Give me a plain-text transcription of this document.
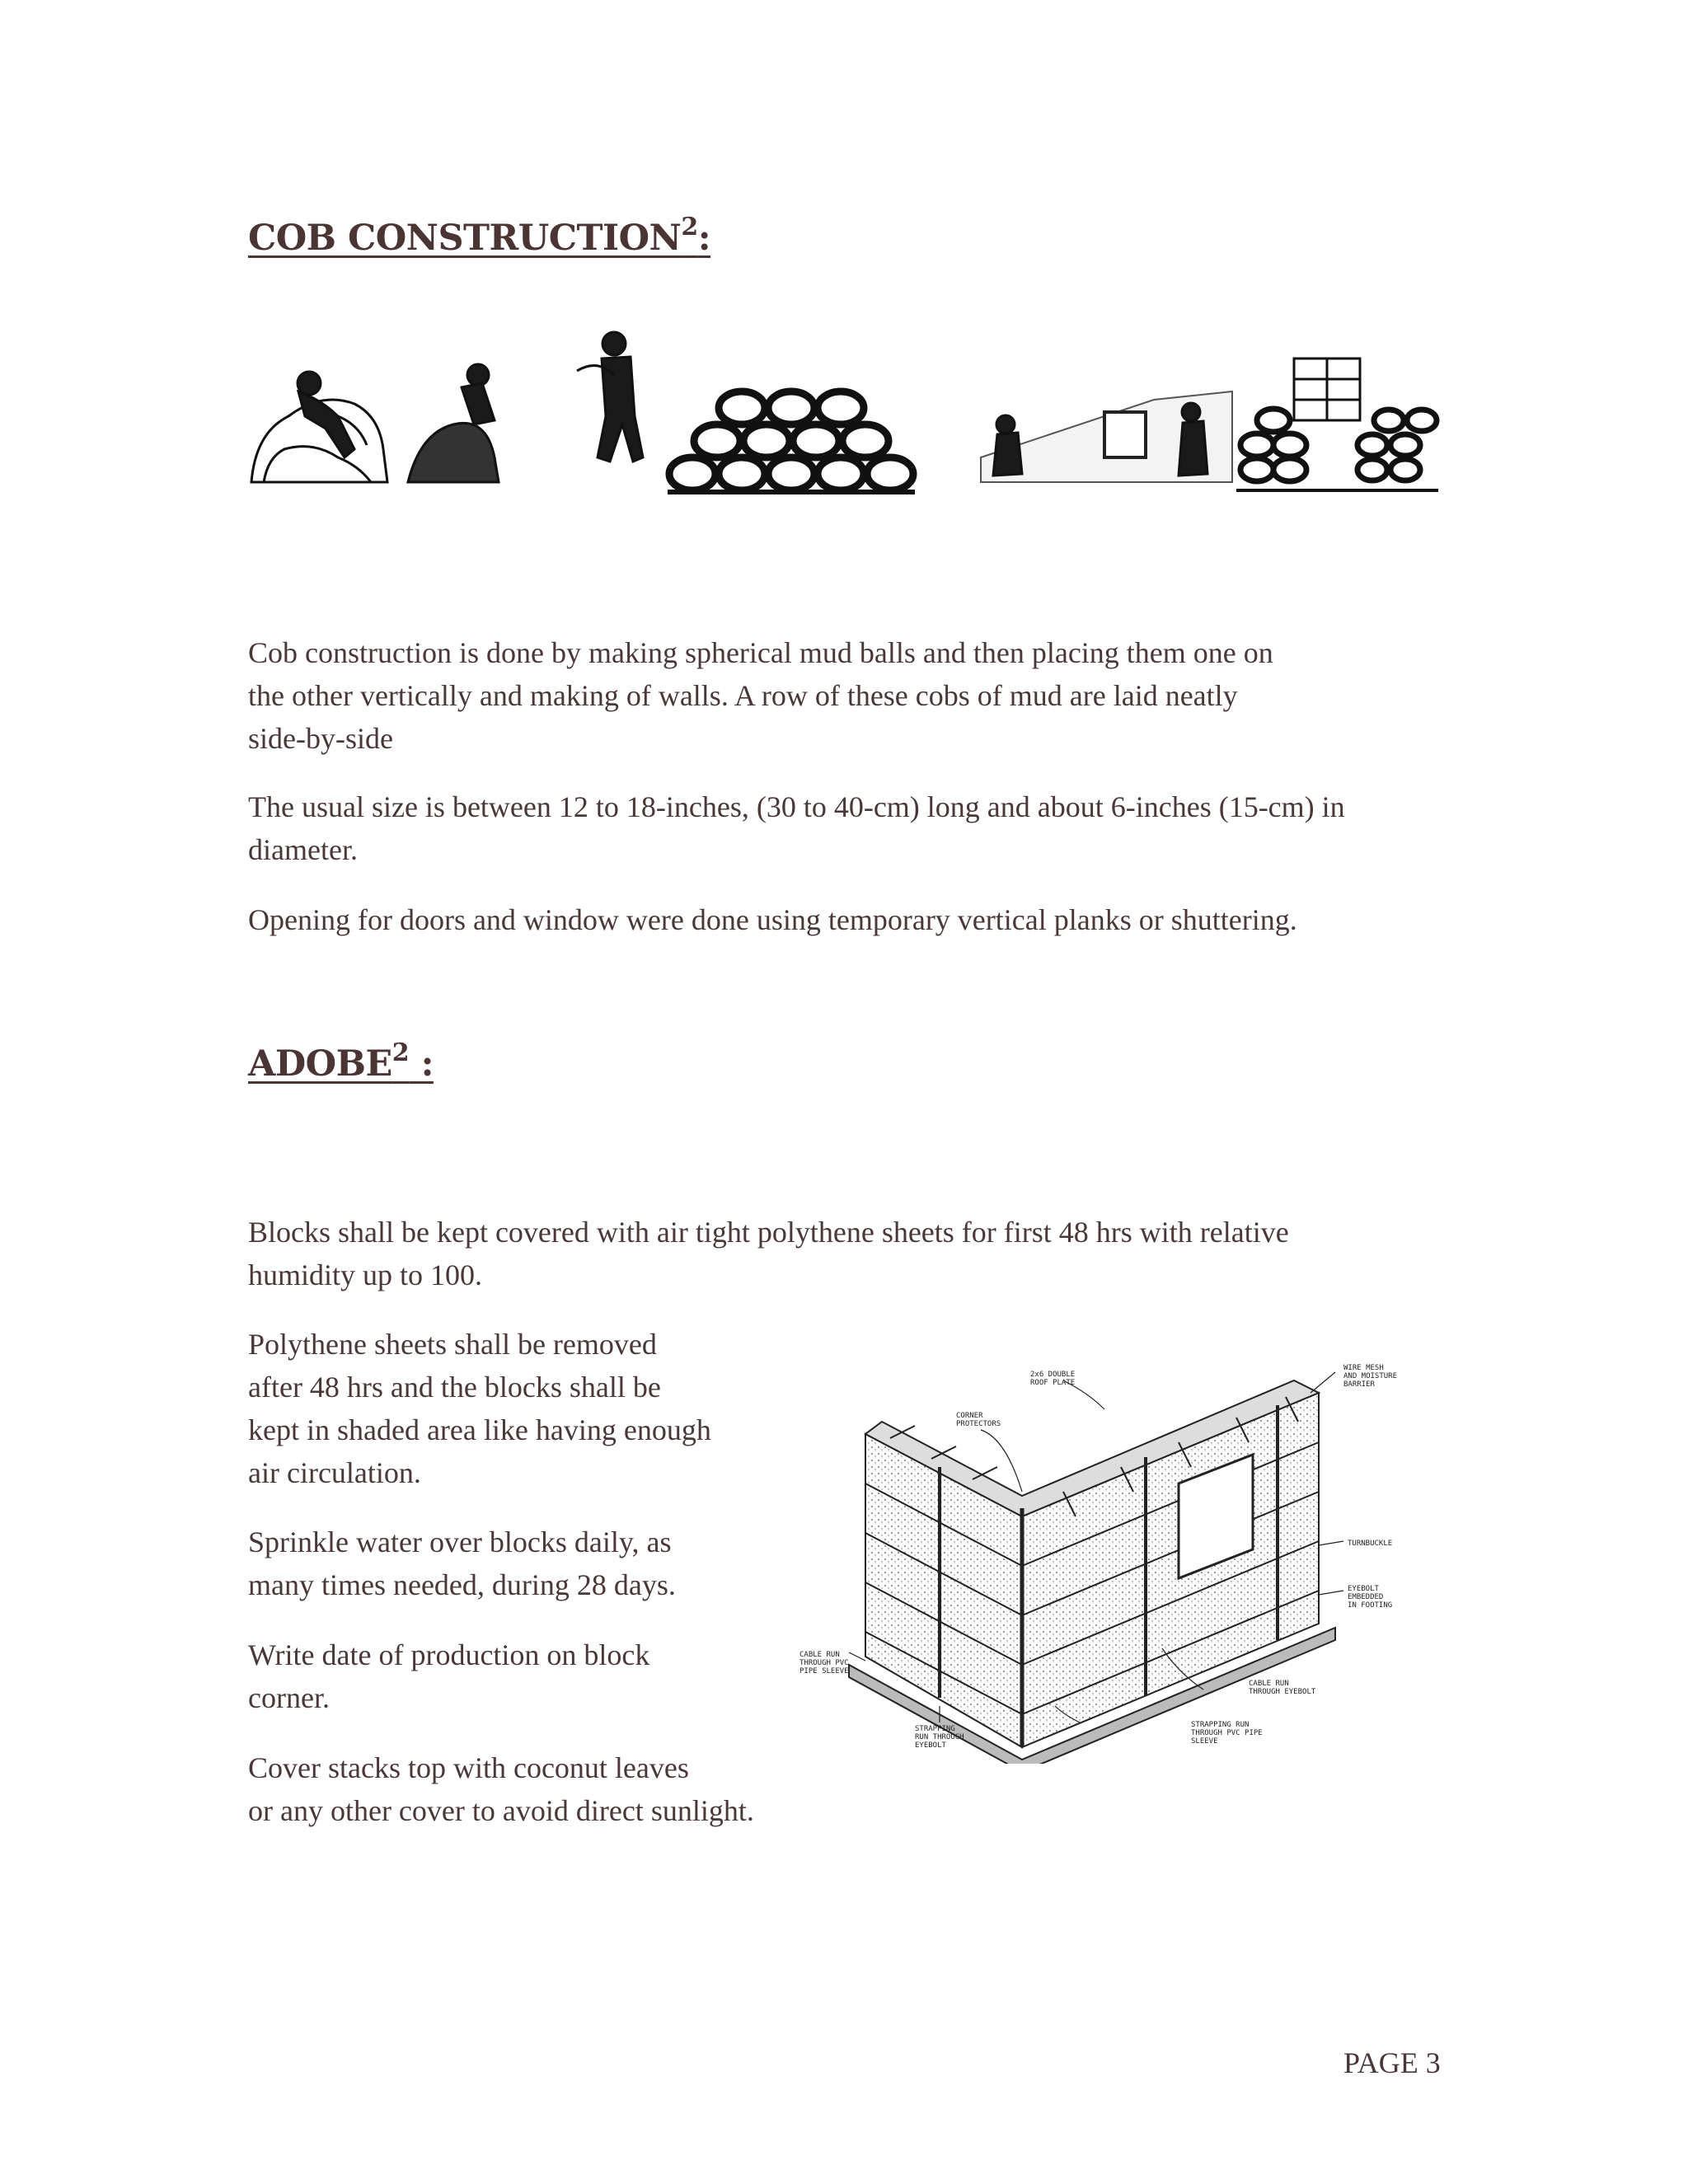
COB CONSTRUCTION$^2$:

Cob construction is done by making spherical mud balls and then placing them one on
the other vertically and making of walls. A row of these cobs of mud are laid neatly
side-by-side

The usual size is between 12 to 18-inches, (30 to 40-cm) long and about 6-inches (15-cm) in
diameter.

Opening for doors and window were done using temporary vertical planks or shuttering.

ADOBE$^2$ :

Blocks shall be kept covered with air tight polythene sheets for first 48 hrs with relative
humidity up to 100.

Polythene sheets shall be removed
after 48 hrs and the blocks shall be
kept in shaded area like having enough
air circulation.

Sprinkle water over blocks daily, as
many times needed, during 28 days.

Write date of production on block
corner.

Cover stacks top with coconut leaves
or any other cover to avoid direct sunlight.

WIRE MESH
AND MOISTURE
BARRIER
2x6 DOUBLE
ROOF PLATE
CORNER
PROTECTORS
TURNBUCKLE
EYEBOLT
EMBEDDED
IN FOOTING
CABLE RUN
THROUGH PVC
PIPE SLEEVE
CABLE RUN
THROUGH EYEBOLT
STRAPPING
RUN THROUGH
EYEBOLT
STRAPPING RUN
THROUGH PVC PIPE
SLEEVE
PAGE 3
